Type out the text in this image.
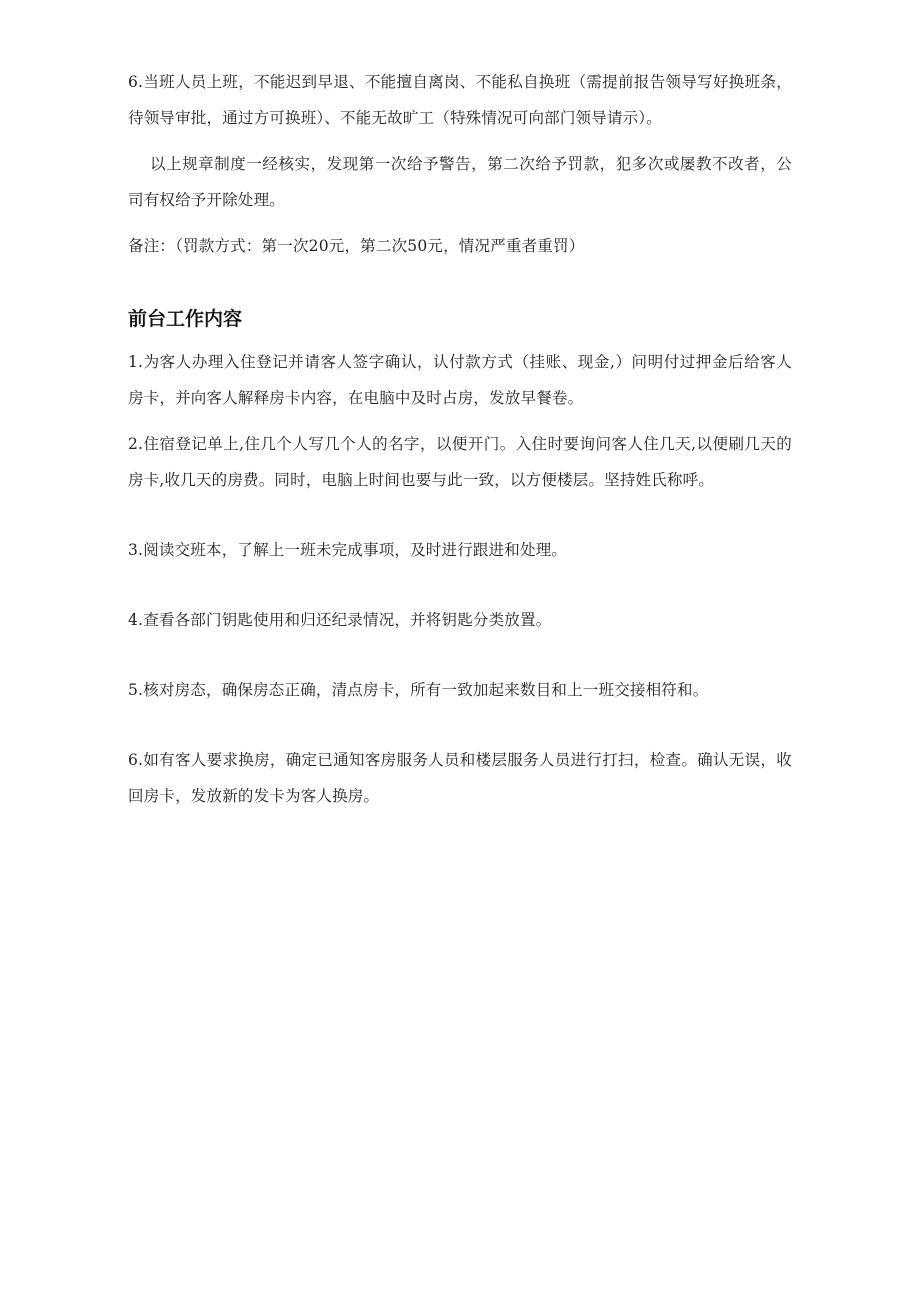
6.当班人员上班，不能迟到早退、不能擅自离岗、不能私自换班（需提前报告领导写好换班条，待领导审批，通过方可换班）、不能无故旷工（特殊情况可向部门领导请示）。

以上规章制度一经核实，发现第一次给予警告，第二次给予罚款，犯多次或屡教不改者，公司有权给予开除处理。

备注：（罚款方式：第一次20元，第二次50元，情况严重者重罚）

前台工作内容

1.为客人办理入住登记并请客人签字确认，认付款方式（挂账、现金,）问明付过押金后给客人房卡，并向客人解释房卡内容，在电脑中及时占房，发放早餐卷。

2.住宿登记单上,住几个人写几个人的名字，以便开门。入住时要询问客人住几天,以便刷几天的房卡,收几天的房费。同时，电脑上时间也要与此一致，以方便楼层。坚持姓氏称呼。

3.阅读交班本，了解上一班未完成事项，及时进行跟进和处理。

4.查看各部门钥匙使用和归还纪录情况，并将钥匙分类放置。

5.核对房态，确保房态正确，清点房卡，所有一致加起来数目和上一班交接相符和。

6.如有客人要求换房，确定已通知客房服务人员和楼层服务人员进行打扫，检查。确认无误，收回房卡，发放新的发卡为客人换房。
